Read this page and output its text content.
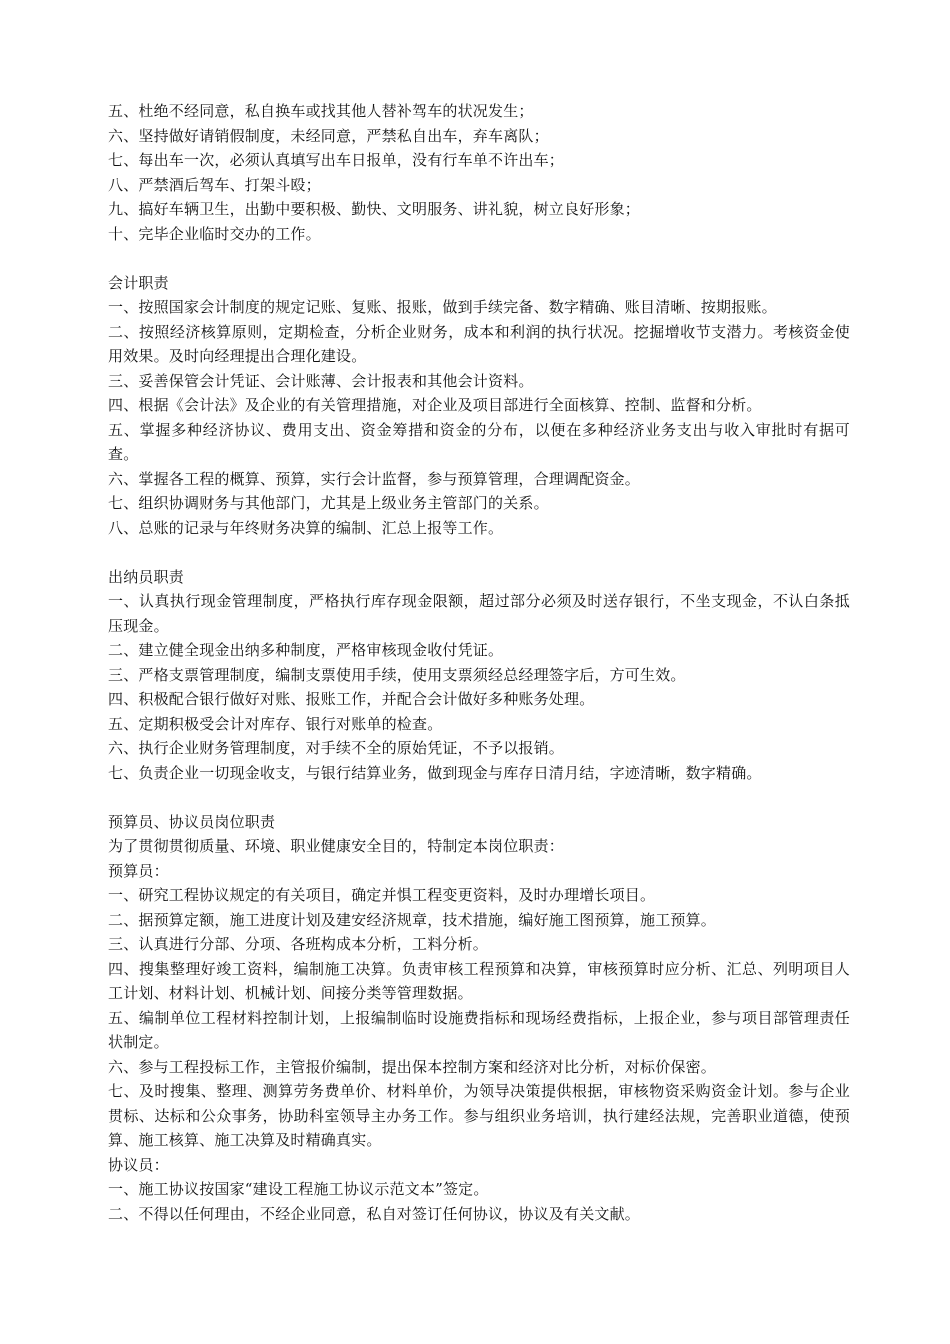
五、杜绝不经同意，私自换车或找其他人替补驾车的状况发生；
六、坚持做好请销假制度，未经同意，严禁私自出车，弃车离队；
七、每出车一次，必须认真填写出车日报单，没有行车单不许出车；
八、严禁酒后驾车、打架斗殴；
九、搞好车辆卫生，出勤中要积极、勤快、文明服务、讲礼貌，树立良好形象；
十、完毕企业临时交办的工作。
会计职责
一、按照国家会计制度的规定记账、复账、报账，做到手续完备、数字精确、账目清晰、按期报账。
二、按照经济核算原则，定期检查，分析企业财务，成本和利润的执行状况。挖掘增收节支潜力。考核资金使用效果。及时向经理提出合理化建设。
三、妥善保管会计凭证、会计账薄、会计报表和其他会计资料。
四、根据《会计法》及企业的有关管理措施，对企业及项目部进行全面核算、控制、监督和分析。
五、掌握多种经济协议、费用支出、资金筹措和资金的分布，以便在多种经济业务支出与收入审批时有据可查。
六、掌握各工程的概算、预算，实行会计监督，参与预算管理，合理调配资金。
七、组织协调财务与其他部门，尤其是上级业务主管部门的关系。
八、总账的记录与年终财务决算的编制、汇总上报等工作。
出纳员职责
一、认真执行现金管理制度，严格执行库存现金限额，超过部分必须及时送存银行，不坐支现金，不认白条抵压现金。
二、建立健全现金出纳多种制度，严格审核现金收付凭证。
三、严格支票管理制度，编制支票使用手续，使用支票须经总经理签字后，方可生效。
四、积极配合银行做好对账、报账工作，并配合会计做好多种账务处理。
五、定期积极受会计对库存、银行对账单的检查。
六、执行企业财务管理制度，对手续不全的原始凭证，不予以报销。
七、负责企业一切现金收支，与银行结算业务，做到现金与库存日清月结，字迹清晰，数字精确。
预算员、协议员岗位职责
为了贯彻贯彻质量、环境、职业健康安全目的，特制定本岗位职责：
预算员：
一、研究工程协议规定的有关项目，确定并惧工程变更资料，及时办理增长项目。
二、据预算定额，施工进度计划及建安经济规章，技术措施，编好施工图预算，施工预算。
三、认真进行分部、分项、各班构成本分析，工料分析。
四、搜集整理好竣工资料，编制施工决算。负责审核工程预算和决算，审核预算时应分析、汇总、列明项目人工计划、材料计划、机械计划、间接分类等管理数据。
五、编制单位工程材料控制计划，上报编制临时设施费指标和现场经费指标，上报企业，参与项目部管理责任状制定。
六、参与工程投标工作，主管报价编制，提出保本控制方案和经济对比分析，对标价保密。
七、及时搜集、整理、测算劳务费单价、材料单价，为领导决策提供根据，审核物资采购资金计划。参与企业贯标、达标和公众事务，协助科室领导主办务工作。参与组织业务培训，执行建经法规，完善职业道德，使预算、施工核算、施工决算及时精确真实。
协议员：
一、施工协议按国家“建设工程施工协议示范文本”签定。
二、不得以任何理由，不经企业同意，私自对签订任何协议，协议及有关文献。
